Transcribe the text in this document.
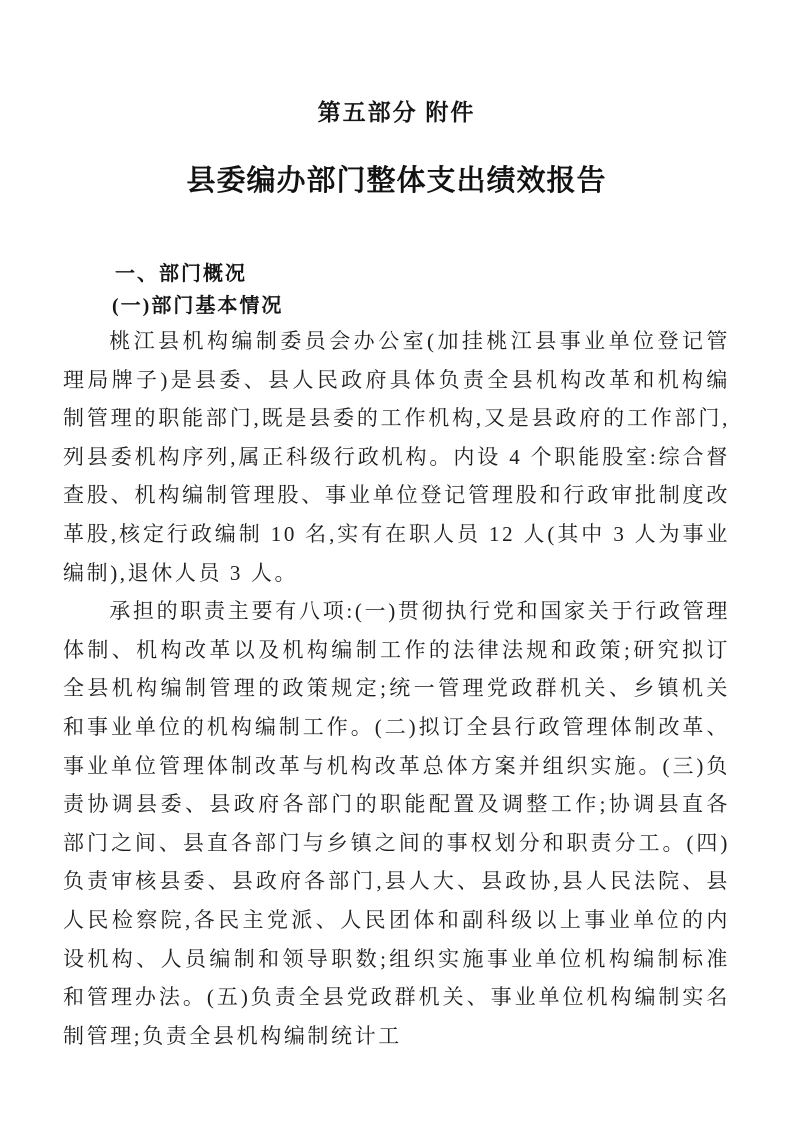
第五部分 附件
县委编办部门整体支出绩效报告
一、部门概况
(一)部门基本情况

桃江县机构编制委员会办公室(加挂桃江县事业单位登记管理局牌子)是县委、县人民政府具体负责全县机构改革和机构编制管理的职能部门,既是县委的工作机构,又是县政府的工作部门,列县委机构序列,属正科级行政机构。内设 4 个职能股室:综合督查股、机构编制管理股、事业单位登记管理股和行政审批制度改革股,核定行政编制 10 名,实有在职人员 12 人(其中 3 人为事业编制),退休人员 3 人。

承担的职责主要有八项:(一)贯彻执行党和国家关于行政管理体制、机构改革以及机构编制工作的法律法规和政策;研究拟订全县机构编制管理的政策规定;统一管理党政群机关、乡镇机关和事业单位的机构编制工作。(二)拟订全县行政管理体制改革、事业单位管理体制改革与机构改革总体方案并组织实施。(三)负责协调县委、县政府各部门的职能配置及调整工作;协调县直各部门之间、县直各部门与乡镇之间的事权划分和职责分工。(四)负责审核县委、县政府各部门,县人大、县政协,县人民法院、县人民检察院,各民主党派、人民团体和副科级以上事业单位的内设机构、人员编制和领导职数;组织实施事业单位机构编制标准和管理办法。(五)负责全县党政群机关、事业单位机构编制实名制管理;负责全县机构编制统计工
